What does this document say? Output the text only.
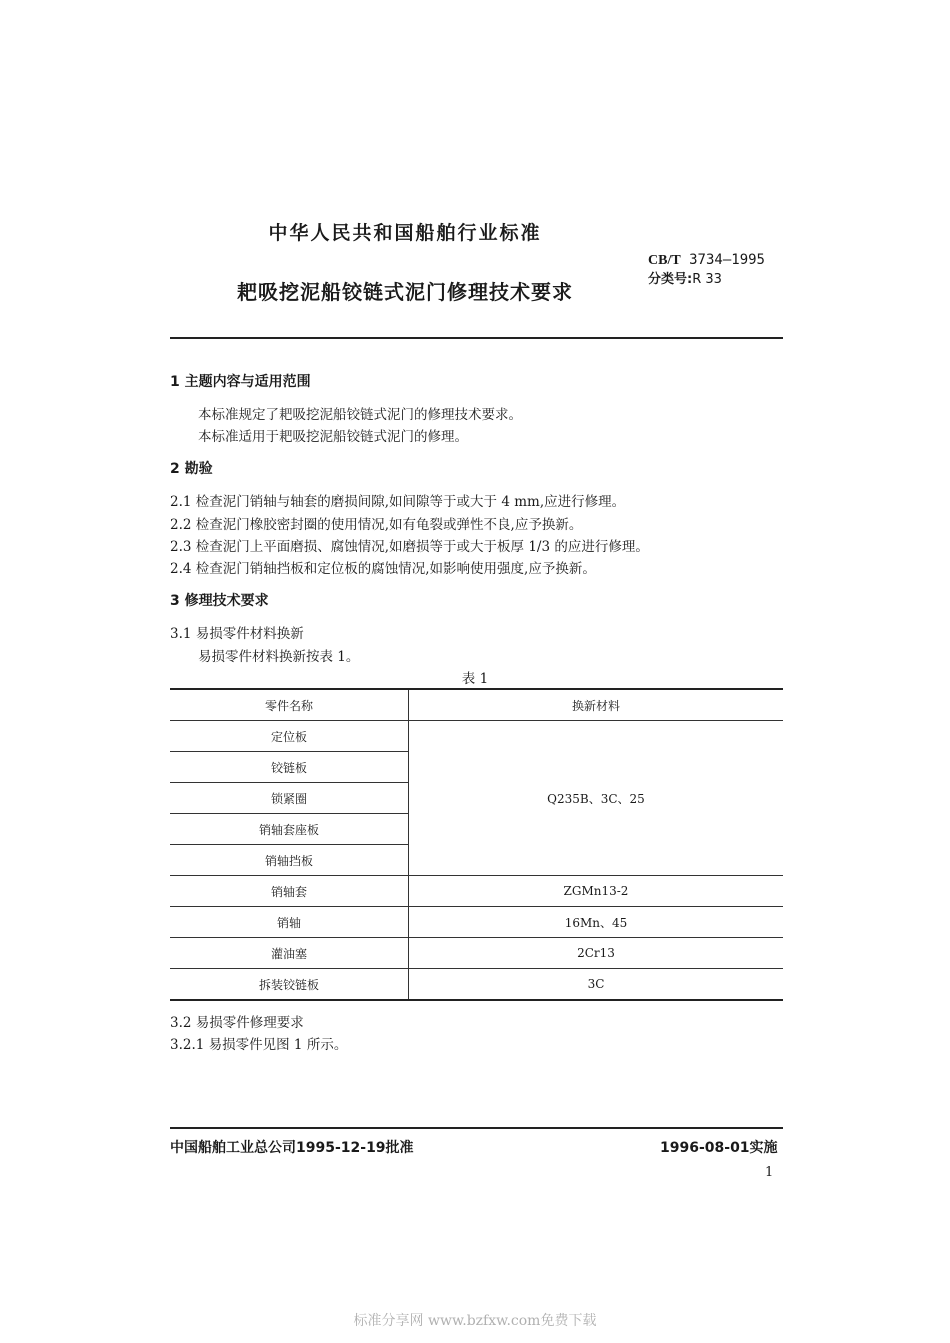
中华人民共和国船舶行业标准
耙吸挖泥船铰链式泥门修理技术要求
CB/T 3734—1995
分类号:R 33
1 主题内容与适用范围
本标准规定了耙吸挖泥船铰链式泥门的修理技术要求。
本标准适用于耙吸挖泥船铰链式泥门的修理。
2 勘验
2.1 检查泥门销轴与轴套的磨损间隙,如间隙等于或大于 4 mm,应进行修理。
2.2 检查泥门橡胶密封圈的使用情况,如有龟裂或弹性不良,应予换新。
2.3 检查泥门上平面磨损、腐蚀情况,如磨损等于或大于板厚 1/3 的应进行修理。
2.4 检查泥门销轴挡板和定位板的腐蚀情况,如影响使用强度,应予换新。
3 修理技术要求
3.1 易损零件材料换新
易损零件材料换新按表 1。
表 1
零件名称	换新材料
定位板	Q235B、3C、25
铰链板	
锁紧圈	
销轴套座板	
销轴挡板	
销轴套	ZGMn13-2
销轴	16Mn、45
灌油塞	2Cr13
拆装铰链板	3C
3.2 易损零件修理要求
3.2.1 易损零件见图 1 所示。
中国船舶工业总公司1995-12-19批准	1996-08-01实施
1
标准分享网 www.bzfxw.com免费下载
